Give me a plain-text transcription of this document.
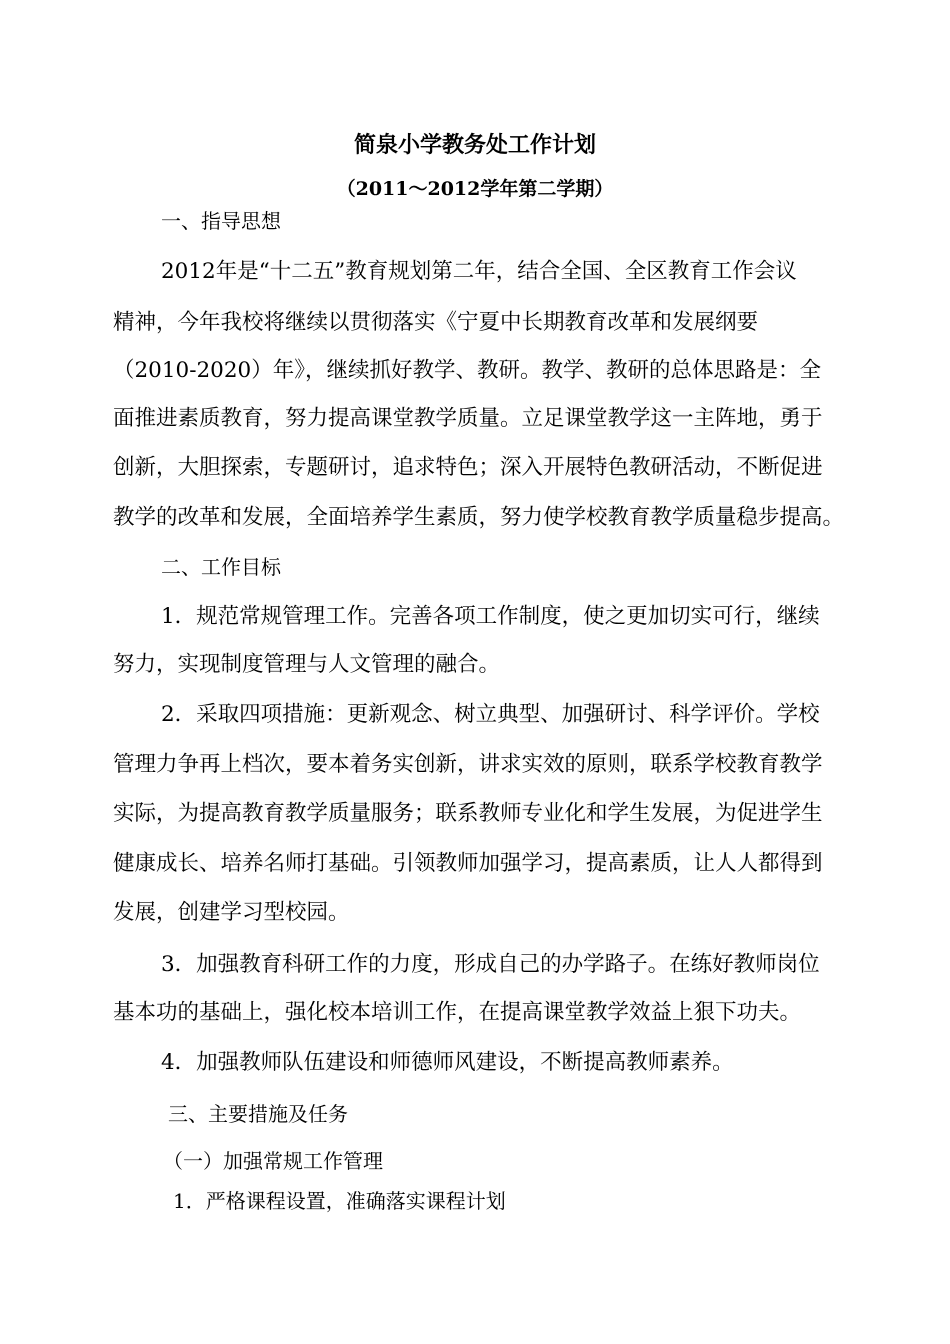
简泉小学教务处工作计划
（2011～2012学年第二学期）

一、指导思想

2012年是“十二五”教育规划第二年，结合全国、全区教育工作会议

精神，今年我校将继续以贯彻落实《宁夏中长期教育改革和发展纲要

（2010-2020）年》，继续抓好教学、教研。教学、教研的总体思路是：全

面推进素质教育，努力提高课堂教学质量。立足课堂教学这一主阵地，勇于

创新，大胆探索，专题研讨，追求特色；深入开展特色教研活动，不断促进

教学的改革和发展，全面培养学生素质，努力使学校教育教学质量稳步提高。

二、工作目标

1．规范常规管理工作。完善各项工作制度，使之更加切实可行，继续

努力，实现制度管理与人文管理的融合。

2．采取四项措施：更新观念、树立典型、加强研讨、科学评价。学校

管理力争再上档次，要本着务实创新，讲求实效的原则，联系学校教育教学

实际，为提高教育教学质量服务；联系教师专业化和学生发展，为促进学生

健康成长、培养名师打基础。引领教师加强学习，提高素质，让人人都得到

发展，创建学习型校园。

3．加强教育科研工作的力度，形成自己的办学路子。在练好教师岗位

基本功的基础上，强化校本培训工作，在提高课堂教学效益上狠下功夫。

4．加强教师队伍建设和师德师风建设，不断提高教师素养。

三、主要措施及任务

（一）加强常规工作管理

1．严格课程设置，准确落实课程计划
